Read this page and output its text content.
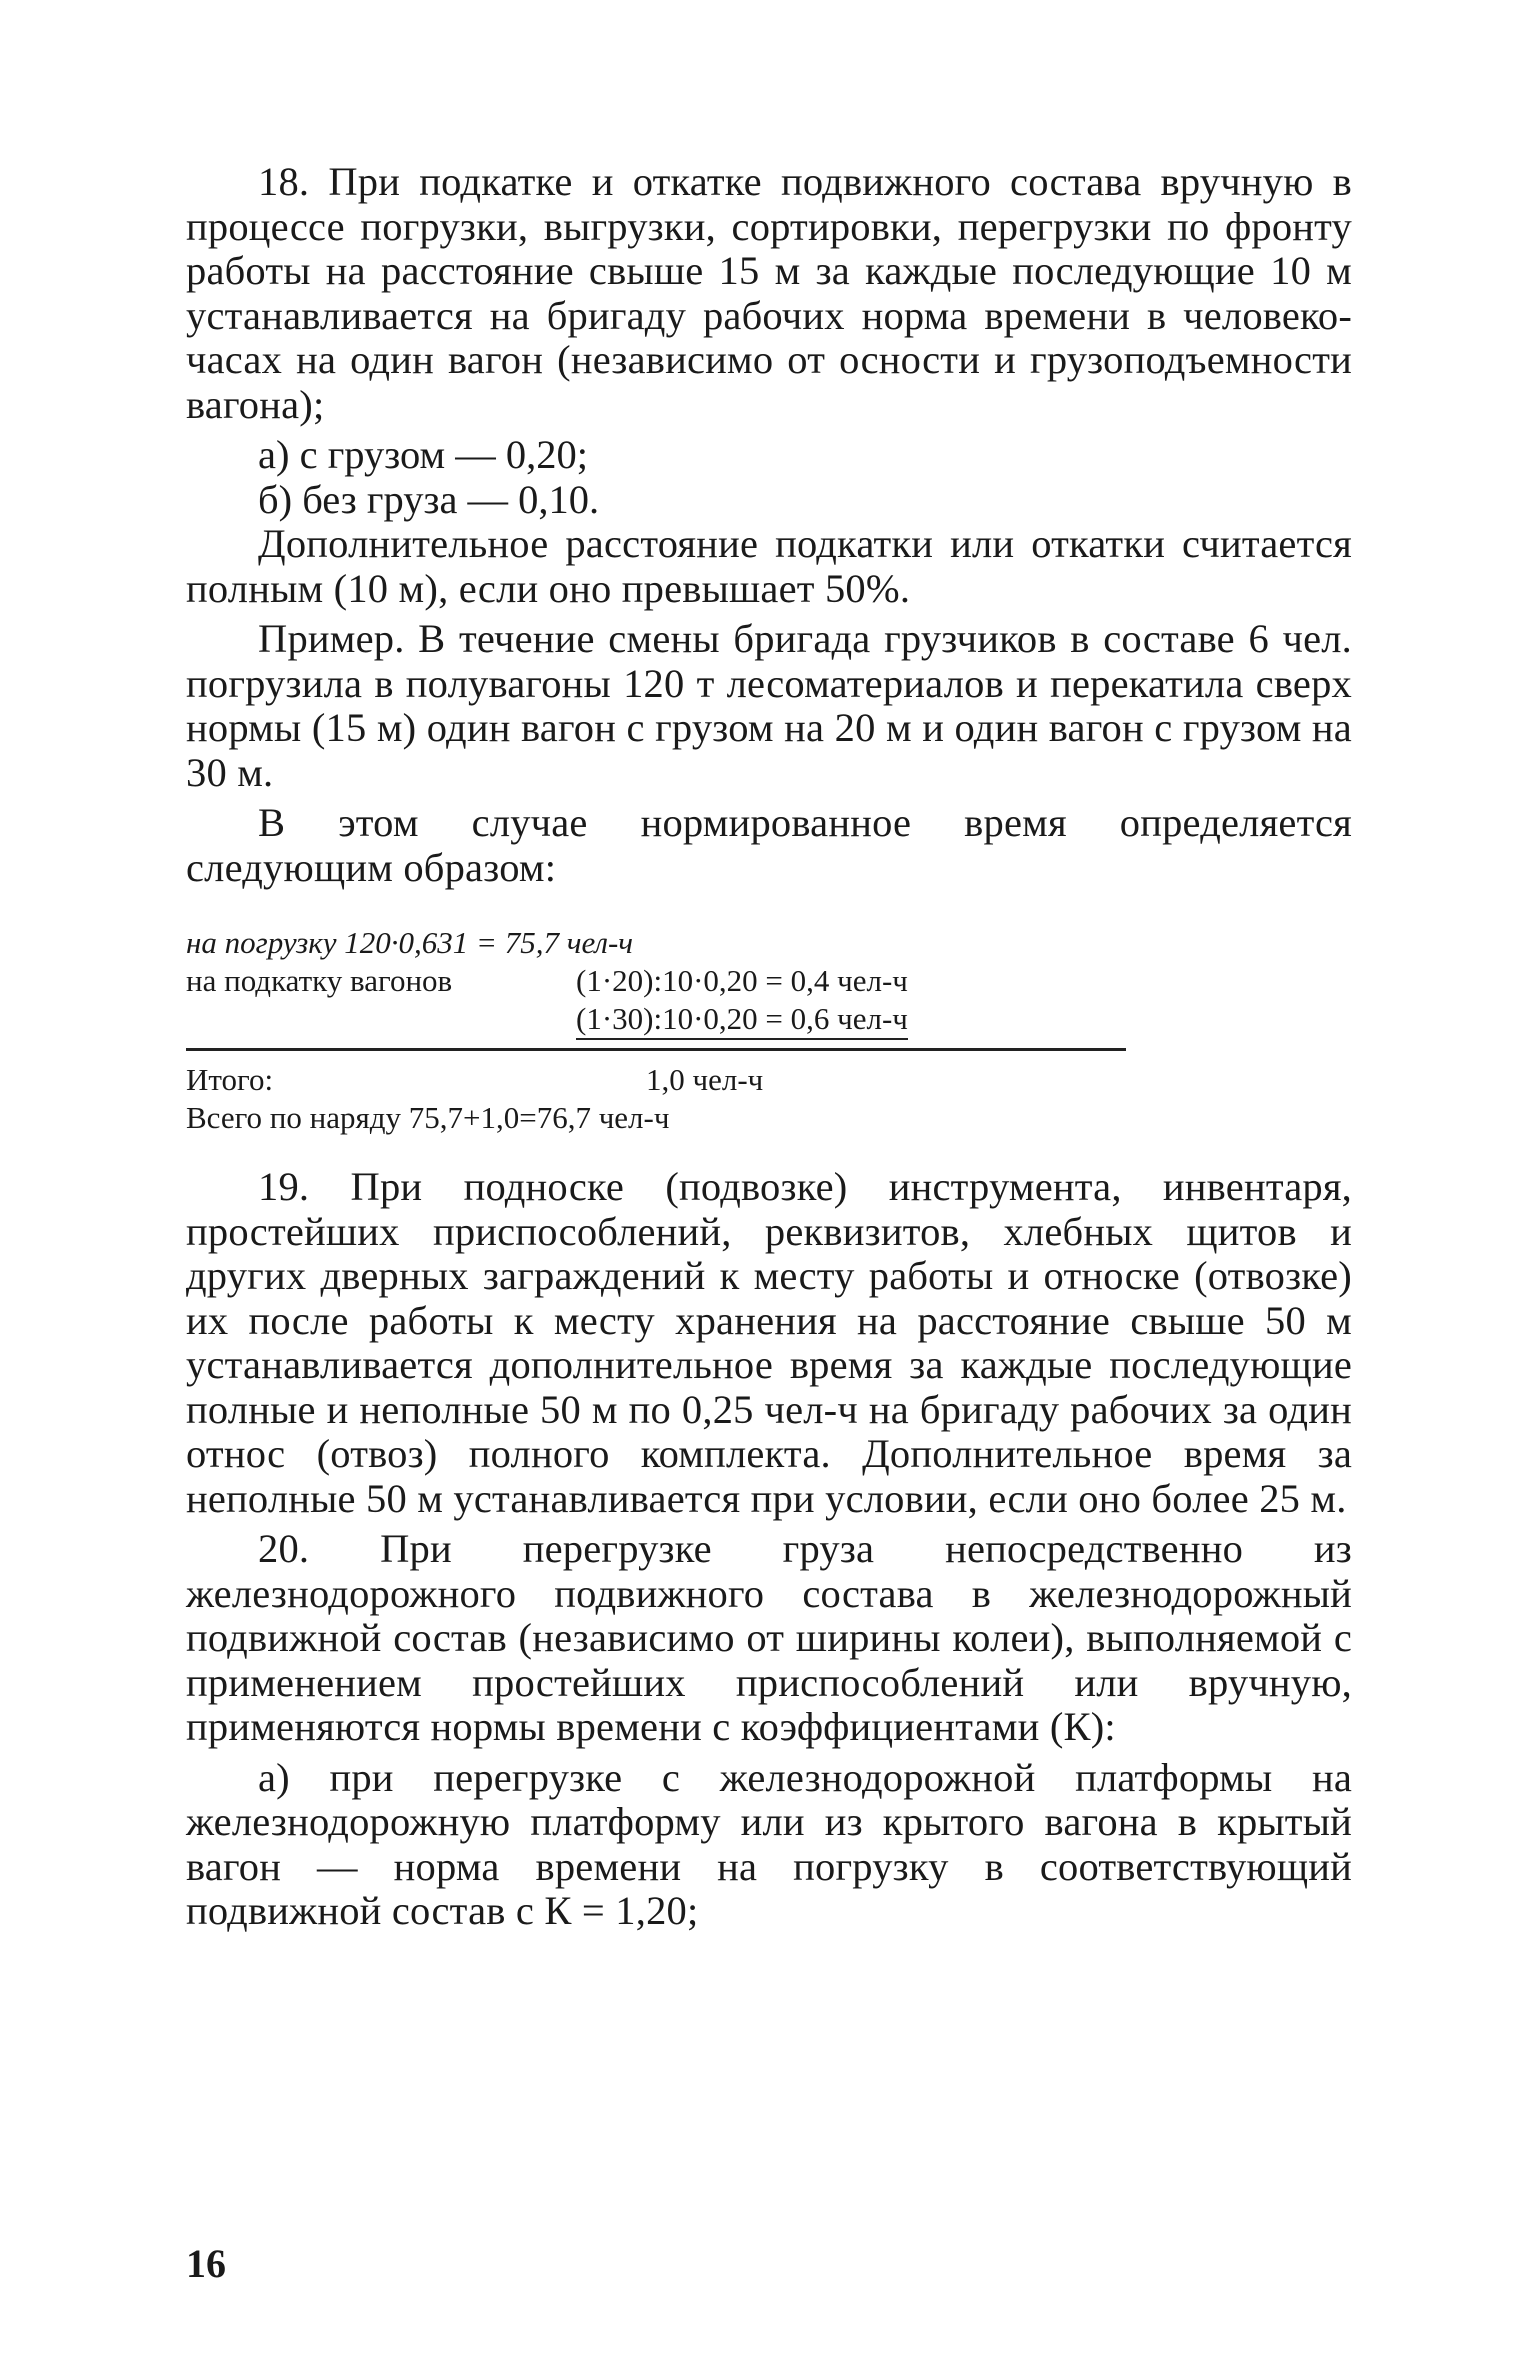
18. При подкатке и откатке подвижного состава вручную в процессе погрузки, выгрузки, сортировки, перегрузки по фронту работы на расстояние свыше 15 м за каждые последующие 10 м устанавливается на бригаду рабочих норма времени в человеко-часах на один вагон (независимо от осности и грузоподъемности вагона);

а) с грузом — 0,20;

б) без груза — 0,10.

Дополнительное расстояние подкатки или откатки считается полным (10 м), если оно превышает 50%.

Пример. В течение смены бригада грузчиков в составе 6 чел. погрузила в полувагоны 120 т лесоматериалов и перекатила сверх нормы (15 м) один вагон с грузом на 20 м и один вагон с грузом на 30 м.

В этом случае нормированное время определяется следующим образом:

на погрузку 120·0,631 = 75,7 чел-ч
на подкатку вагонов	(1·20):10·0,20 = 0,4 чел-ч
(1·30):10·0,20 = 0,6 чел-ч
Итого:	1,0 чел-ч
Всего по наряду 75,7+1,0=76,7 чел-ч

19. При подноске (подвозке) инструмента, инвентаря, простейших приспособлений, реквизитов, хлебных щитов и других дверных заграждений к месту работы и относке (отвозке) их после работы к месту хранения на расстояние свыше 50 м устанавливается дополнительное время за каждые последующие полные и неполные 50 м по 0,25 чел-ч на бригаду рабочих за один относ (отвоз) полного комплекта. Дополнительное время за неполные 50 м устанавливается при условии, если оно более 25 м.

20. При перегрузке груза непосредственно из железнодорожного подвижного состава в железнодорожный подвижной состав (независимо от ширины колеи), выполняемой с применением простейших приспособлений или вручную, применяются нормы времени с коэффициентами (К):

а) при перегрузке с железнодорожной платформы на железнодорожную платформу или из крытого вагона в крытый вагон — норма времени на погрузку в соответствующий подвижной состав с К = 1,20;

16
